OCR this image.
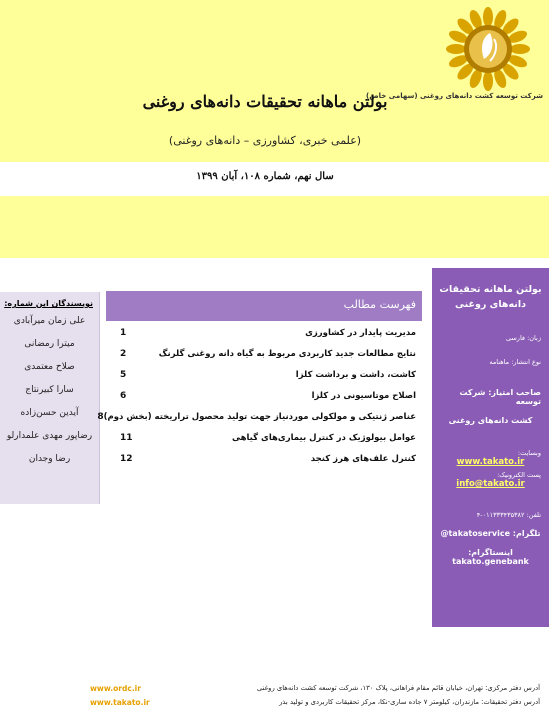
شرکت توسعه کشت دانه‌های روغنی (سهامی خاص)
بولتن ماهانه تحقیقات دانه‌های روغنی
(علمی خبری، کشاورزی – دانه‌های روغنی)
سال نهم، شماره ۱۰۸، آبان ۱۳۹۹
نویسندگان این شماره:
علی زمان میرآبادی
میترا رمضانی
صلاح معتمدی
سارا کبیرنتاج
آیدین حسن‌زاده
رضاپور مهدی علمدارلو
رضا وجدان
فهرست مطالب
مدیریت پایدار در کشاورزی
1
نتایج مطالعات جدید کاربردی مربوط به گیاه دانه روغنی گلرنگ
2
کاشت، داشت و برداشت کلزا
5
اصلاح موتاسیونی در کلزا
6
عناصر ژنتیکی و مولکولی موردنیاز جهت تولید محصول تراریخته (بخش دوم)
8
عوامل بیولوژیک در کنترل بیماری‌های گیاهی
11
کنترل علف‌های هرز کنجد
12
بولتن ماهانه تحقیقات دانه‌های روغنی
زبان: فارسی
نوع انتشار: ماهنامه
صاحب امتیاز: شرکت توسعه
کشت دانه‌های روغنی
وبسایت:
www.takato.ir
پست الکترونیک:
info@takato.ir
تلفن: ۰۱۱۳۳۳۴۳۵۳۸۲-۴
تلگرام: takatoservice@
اینستاگرام: takato.genebank
www.ordc.ir	آدرس دفتر مرکزی: تهران، خیابان قائم مقام فراهانی، پلاک ۱۳۰، شرکت توسعه کشت دانه‌های روغنی
www.takato.ir	آدرس دفتر تحقیقات: مازندران، کیلومتر ۷ جاده ساری-نکا، مرکز تحقیقات کاربردی و تولید بذر
